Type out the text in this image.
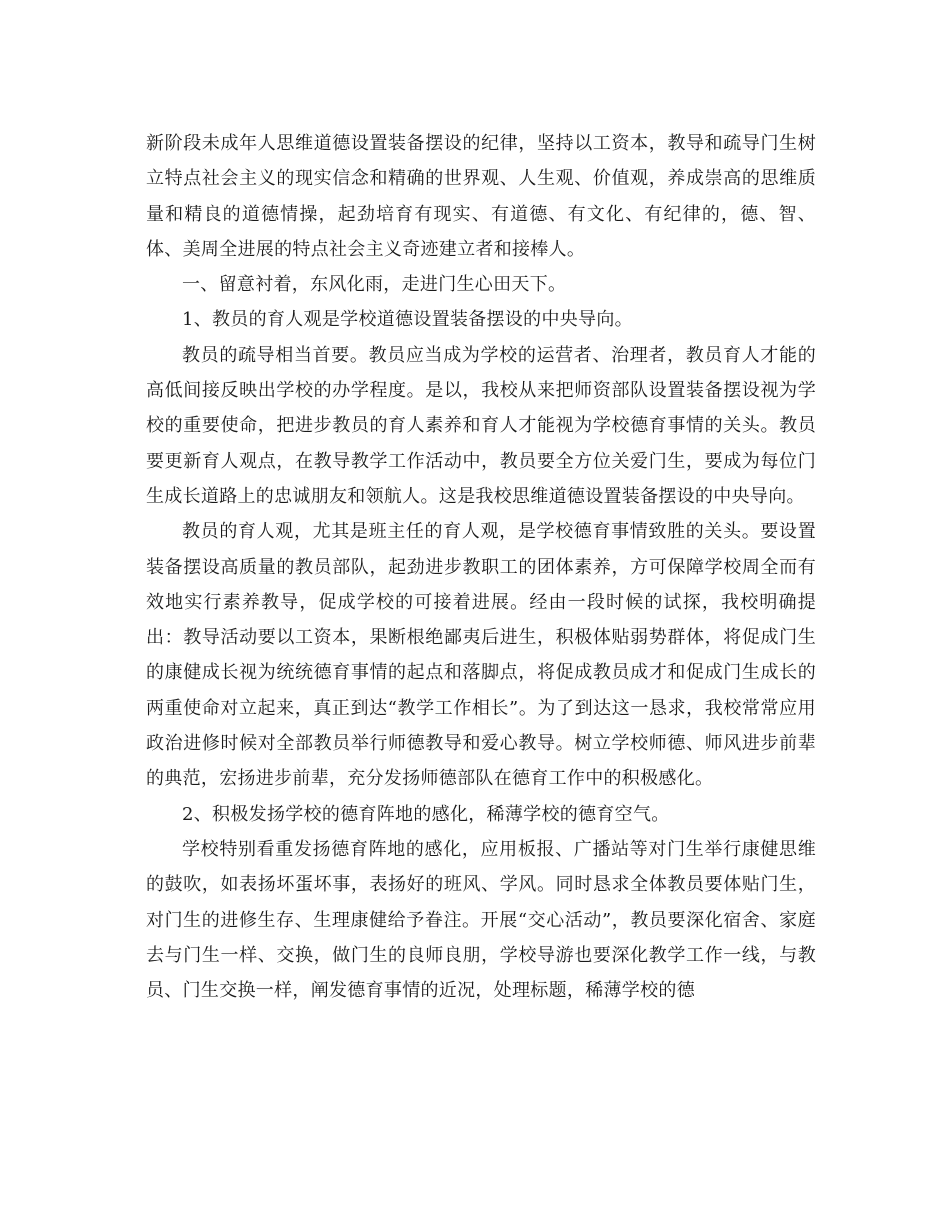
新阶段未成年人思维道德设置装备摆设的纪律，坚持以工资本，教导和疏导门生树立特点社会主义的现实信念和精确的世界观、人生观、价值观，养成崇高的思维质量和精良的道德情操，起劲培育有现实、有道德、有文化、有纪律的，德、智、体、美周全进展的特点社会主义奇迹建立者和接棒人。

一、留意衬着，东风化雨，走进门生心田天下。

1、教员的育人观是学校道德设置装备摆设的中央导向。

教员的疏导相当首要。教员应当成为学校的运营者、治理者，教员育人才能的高低间接反映出学校的办学程度。是以，我校从来把师资部队设置装备摆设视为学校的重要使命，把进步教员的育人素养和育人才能视为学校德育事情的关头。教员要更新育人观点，在教导教学工作活动中，教员要全方位关爱门生，要成为每位门生成长道路上的忠诚朋友和领航人。这是我校思维道德设置装备摆设的中央导向。

教员的育人观，尤其是班主任的育人观，是学校德育事情致胜的关头。要设置装备摆设高质量的教员部队，起劲进步教职工的团体素养，方可保障学校周全而有效地实行素养教导，促成学校的可接着进展。经由一段时候的试探，我校明确提出：教导活动要以工资本，果断根绝鄙夷后进生，积极体贴弱势群体，将促成门生的康健成长视为统统德育事情的起点和落脚点，将促成教员成才和促成门生成长的两重使命对立起来，真正到达“教学工作相长”。为了到达这一恳求，我校常常应用政治进修时候对全部教员举行师德教导和爱心教导。树立学校师德、师风进步前辈的典范，宏扬进步前辈，充分发扬师德部队在德育工作中的积极感化。

2、积极发扬学校的德育阵地的感化，稀薄学校的德育空气。

学校特别看重发扬德育阵地的感化，应用板报、广播站等对门生举行康健思维的鼓吹，如表扬坏蛋坏事，表扬好的班风、学风。同时恳求全体教员要体贴门生，对门生的进修生存、生理康健给予眷注。开展“交心活动”，教员要深化宿舍、家庭去与门生一样、交换，做门生的良师良朋，学校导游也要深化教学工作一线，与教员、门生交换一样，阐发德育事情的近况，处理标题，稀薄学校的德
